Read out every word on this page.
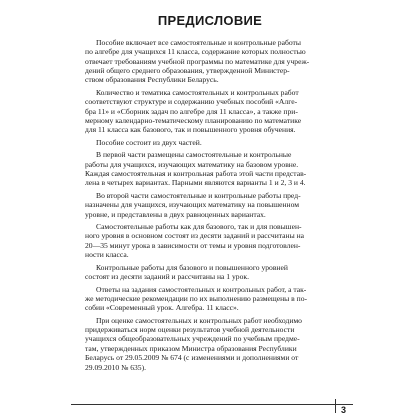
ПРЕДИСЛОВИЕ
Пособие включает все самостоятельные и контрольные работы
по алгебре для учащихся 11 класса, содержание которых полностью
отвечает требованиям учебной программы по математике для учреж-
дений общего среднего образования, утвержденной Министер-
ством образования Республики Беларусь.
Количество и тематика самостоятельных и контрольных работ
соответствуют структуре и содержанию учебных пособий «Алге-
бра 11» и «Сборник задач по алгебре для 11 класса», а также при-
мерному календарно-тематическому планированию по математике
для 11 класса как базового, так и повышенного уровня обучения.
Пособие состоит из двух частей.
В первой части размещены самостоятельные и контрольные
работы для учащихся, изучающих математику на базовом уровне.
Каждая самостоятельная и контрольная работа этой части представ-
лена в четырех вариантах. Парными являются варианты 1 и 2, 3 и 4.
Во второй части самостоятельные и контрольные работы пред-
назначены для учащихся, изучающих математику на повышенном
уровне, и представлены в двух равноценных вариантах.
Самостоятельные работы как для базового, так и для повышен-
ного уровня в основном состоят из десяти заданий и рассчитаны на
20—35 минут урока в зависимости от темы и уровня подготовлен-
ности класса.
Контрольные работы для базового и повышенного уровней
состоят из десяти заданий и рассчитаны на 1 урок.
Ответы на задания самостоятельных и контрольных работ, а так-
же методические рекомендации по их выполнению размещены в по-
собии «Современный урок. Алгебра. 11 класс».
При оценке самостоятельных и контрольных работ необходимо
придерживаться норм оценки результатов учебной деятельности
учащихся общеобразовательных учреждений по учебным предме-
там, утвержденных приказом Министра образования Республики
Беларусь от 29.05.2009 № 674 (с изменениями и дополнениями от
29.09.2010 № 635).
3
